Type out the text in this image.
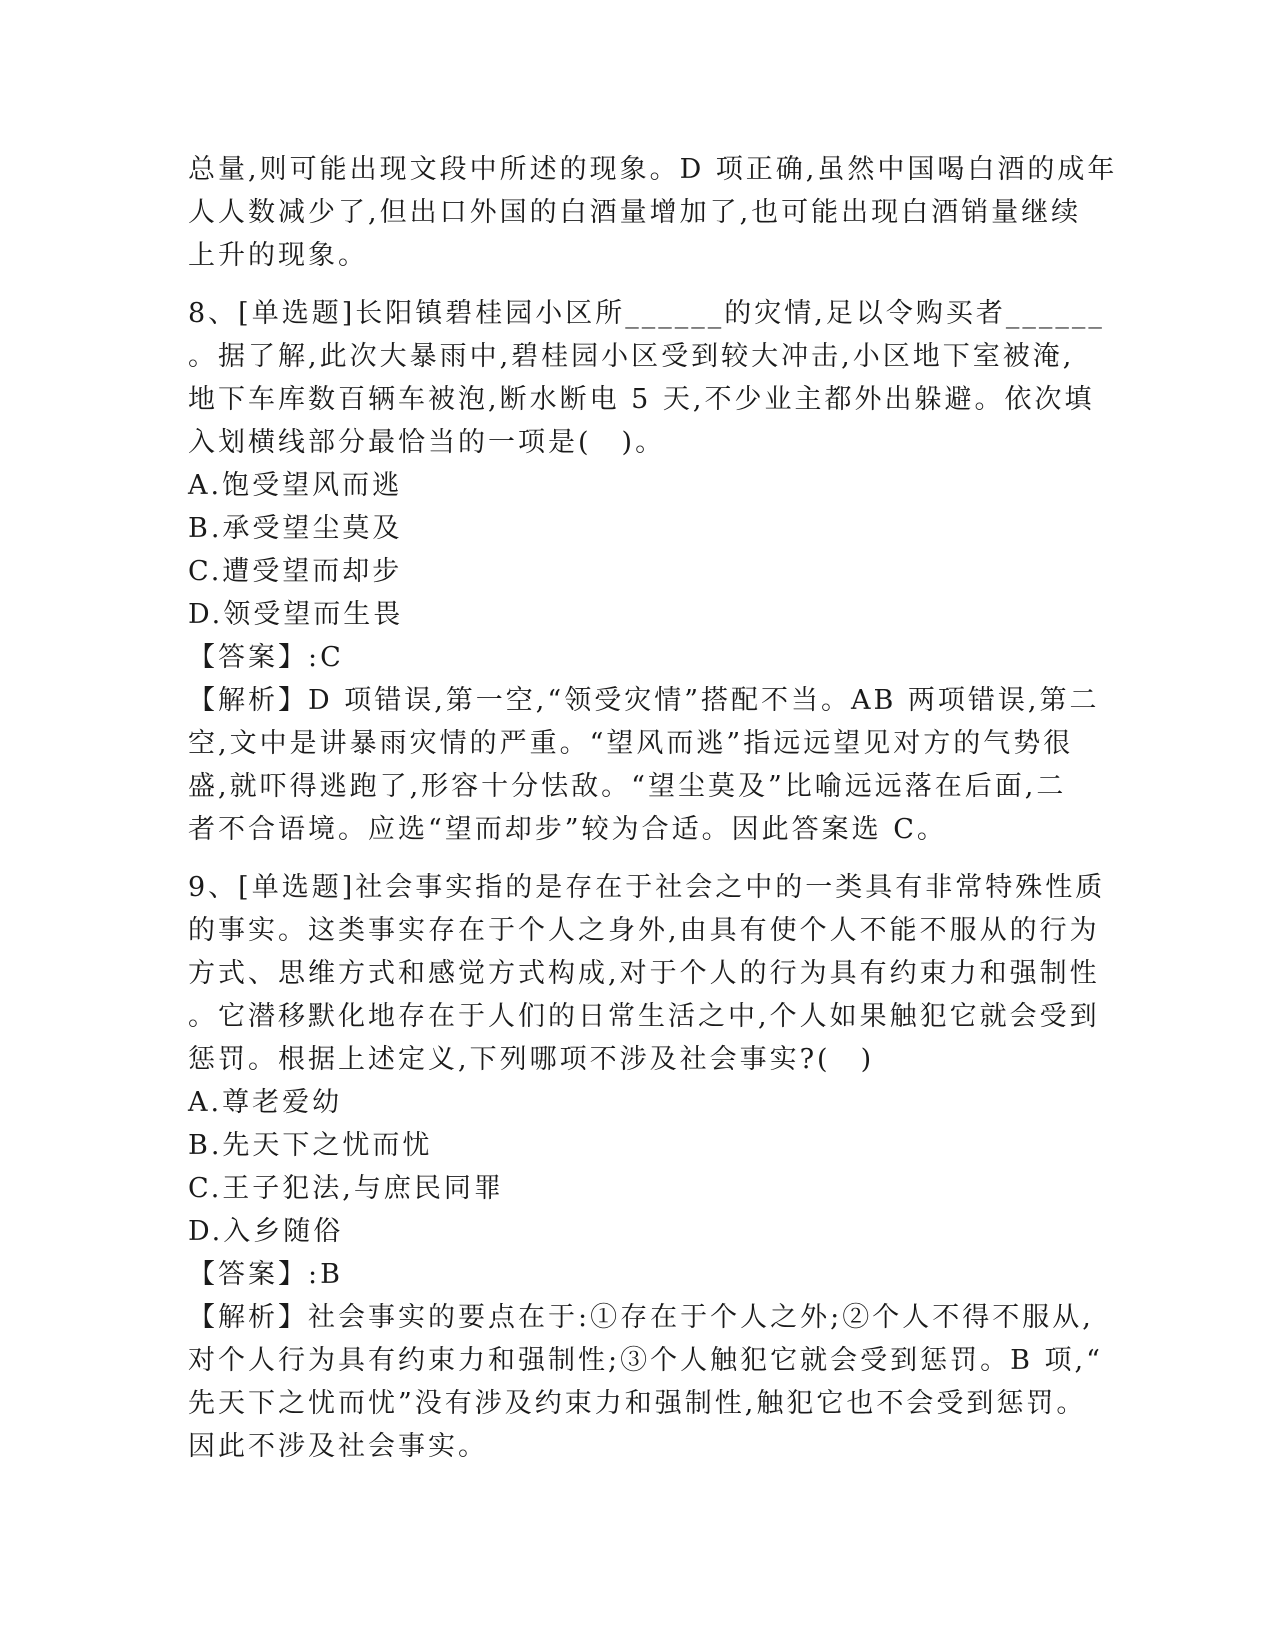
总量,则可能出现文段中所述的现象。D 项正确,虽然中国喝白酒的成年
人人数减少了,但出口外国的白酒量增加了,也可能出现白酒销量继续
上升的现象。
8、[单选题]长阳镇碧桂园小区所______的灾情,足以令购买者______
。据了解,此次大暴雨中,碧桂园小区受到较大冲击,小区地下室被淹,
地下车库数百辆车被泡,断水断电 5 天,不少业主都外出躲避。依次填
入划横线部分最恰当的一项是(　)。
A.饱受望风而逃
B.承受望尘莫及
C.遭受望而却步
D.领受望而生畏
【答案】:C
【解析】D 项错误,第一空,“领受灾情”搭配不当。AB 两项错误,第二
空,文中是讲暴雨灾情的严重。“望风而逃”指远远望见对方的气势很
盛,就吓得逃跑了,形容十分怯敌。“望尘莫及”比喻远远落在后面,二
者不合语境。应选“望而却步”较为合适。因此答案选 C。
9、[单选题]社会事实指的是存在于社会之中的一类具有非常特殊性质
的事实。这类事实存在于个人之身外,由具有使个人不能不服从的行为
方式、思维方式和感觉方式构成,对于个人的行为具有约束力和强制性
。它潜移默化地存在于人们的日常生活之中,个人如果触犯它就会受到
惩罚。根据上述定义,下列哪项不涉及社会事实?(　)
A.尊老爱幼
B.先天下之忧而忧
C.王子犯法,与庶民同罪
D.入乡随俗
【答案】:B
【解析】社会事实的要点在于:①存在于个人之外;②个人不得不服从,
对个人行为具有约束力和强制性;③个人触犯它就会受到惩罚。B 项,“
先天下之忧而忧”没有涉及约束力和强制性,触犯它也不会受到惩罚。
因此不涉及社会事实。
